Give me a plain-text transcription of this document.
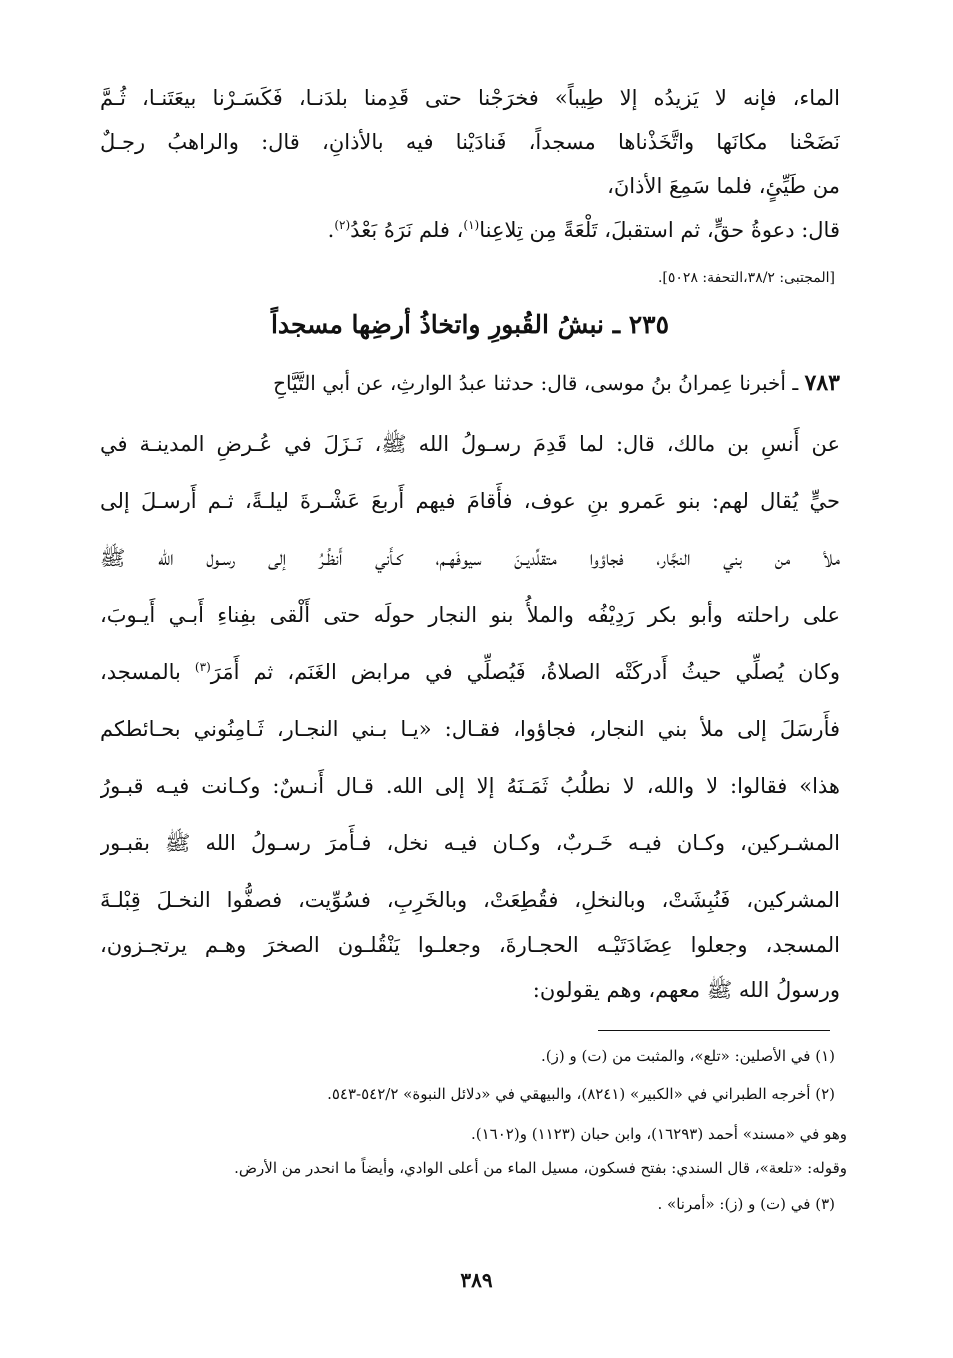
الماء، فإنه لا يَزيدُه إلا طِيباً» فخرَجْنا حتى قَدِمنا بلدَنـا، فَكَسَـرْنا بيعَتَنـا، ثُـمَّ
نَضَحْنا مكانَها واتَّخَذْناها مسجداً، فَنادَيْنا فيه بالأذانِ، قال: والراهبُ رجـلٌ
من طَيِّئٍ، فلما سَمِعَ الأذانَ،
قال: دعوةُ حقٍّ، ثم استقبلَ، تَلْعَةً مِن تِلاعِنا$^{(١)}$، فلم نَرَهُ بَعْدُ$^{(٢)}$.
[المجتبى: ٣٨/٢،التحفة: ٥٠٢٨].
٢٣٥ ـ نبشُ القُبورِ واتخاذُ أرضِها مسجداً
٧٨٣ ـ أخبرنا عِمرانُ بنُ موسى، قال: حدثنا عبدُ الوارثِ، عن أبي التَّيَّاحِ
عن أَنسِ بن مالك، قال: لما قَدِمَ رسـولُ الله ﷺ، نَـزَلَ في عُـرضِ المدينـة في
حيٍّ يُقال لهم: بنو عَمرو بنِ عوف، فأَقامَ فيهم أَربعَ عَشْـرةَ ليلـةً، ثـم أَرسـلَ إلى
ملأ من بني النجَّار، فجاؤوا متقلِّديـنَ سيوفَهـم، كـأَني أَنظُـرُ إلى رسـول الله ﷺ
على راحلته وأبو بكر رَدِيْفُه والملأُ بنو النجار حولَه حتى أَلْقى بفِناءِ أَبـي أَيـوبَ،
وكان يُصلِّي حيثُ أَدركَتْه الصلاةُ، فَيُصلِّي في مرابض الغَنَم، ثم أَمَرَ$^{(٣)}$ بالمسجد،
فأَرسَلَ إلى ملأ بني النجار، فجاؤوا، فقـال: «يـا بـني النجـار، ثَـامِنُوني بحـائطكم
هذا» فقالوا: لا والله، لا نطلُبُ ثَمَـنَهُ إلا إلى الله. قـال أَنـسٌ: وكـانت فيـه قبـورُ
المشـركين، وكـان فيـه خَـربٌ، وكـان فيـه نخل، فـأَمرَ رسـولُ الله ﷺ بقبـور
المشركين، فَنُبِشَتْ، وبالنخلِ، فقُطِعَتْ، وبالخَرِبِ، فسُوِّيت، فصفُّوا النخـلَ قِبْلـةَ
المسجد، وجعلوا عِضَادَتَيْـه الحجـارةَ، وجعلـوا يَنْقُلـون الصخرَ وهـم يرتجـزون،
ورسولُ الله ﷺ معهم، وهم يقولون:
(١) في الأصلين: «تلع»، والمثبت من (ت) و (ز).
(٢) أخرجه الطبراني في «الكبير» (٨٢٤١)، والبيهقي في «دلائل النبوة» ٥٤٢/٢-٥٤٣.
وهو في «مسند» أحمد (١٦٢٩٣)، وابن حبان (١١٢٣) و(١٦٠٢).
وقوله: «تلعة»، قال السندي: بفتح فسكون، مسيل الماء من أعلى الوادي، وأيضاً ما انحدر من الأرض.
(٣) في (ت) و (ز): «أمرنا» .
٣٨٩
